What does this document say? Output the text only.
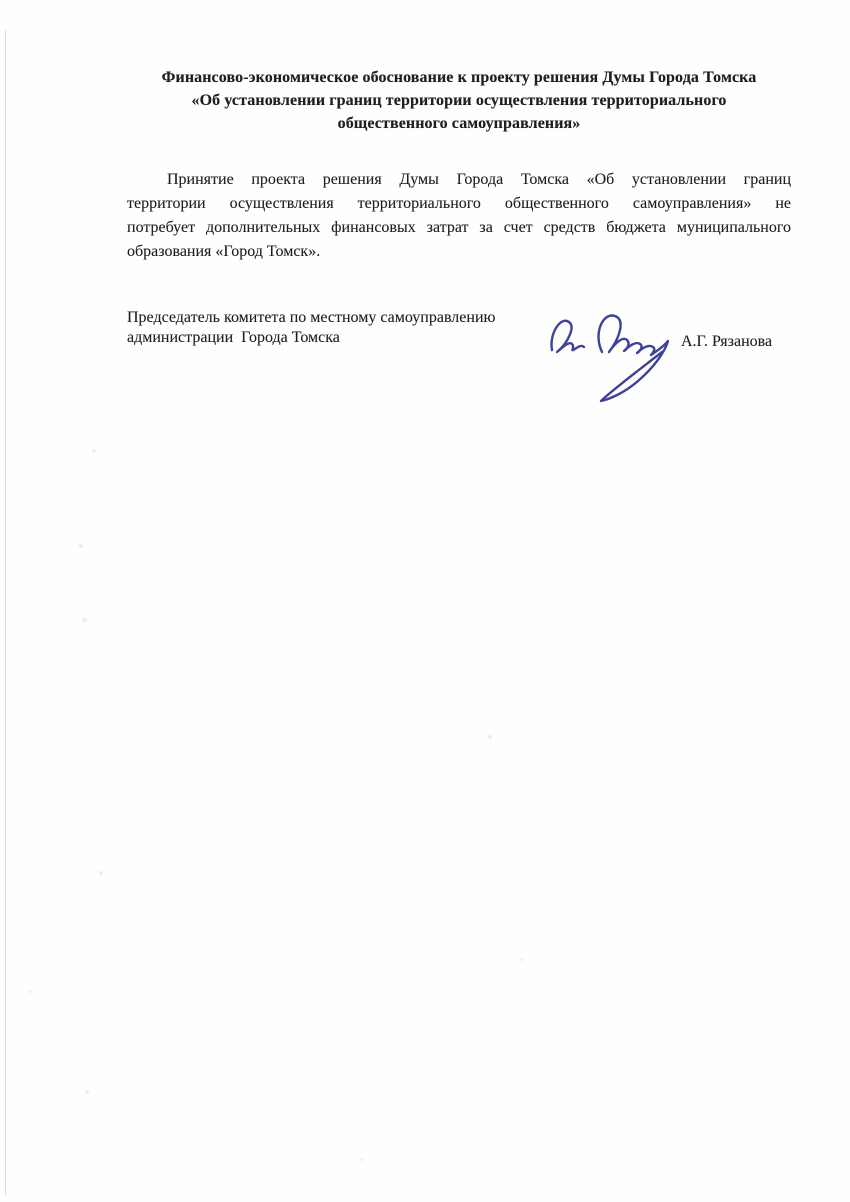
Финансово-экономическое обоснование к проекту решения Думы Города Томска
«Об установлении границ территории осуществления территориального
общественного самоуправления»
Принятие проекта решения Думы Города Томска «Об установлении границ
территории осуществления территориального общественного самоуправления» не
потребует дополнительных финансовых затрат за счет средств бюджета муниципального
образования «Город Томск».
Председатель комитета по местному самоуправлению
администрации  Города Томска	А.Г. Рязанова
